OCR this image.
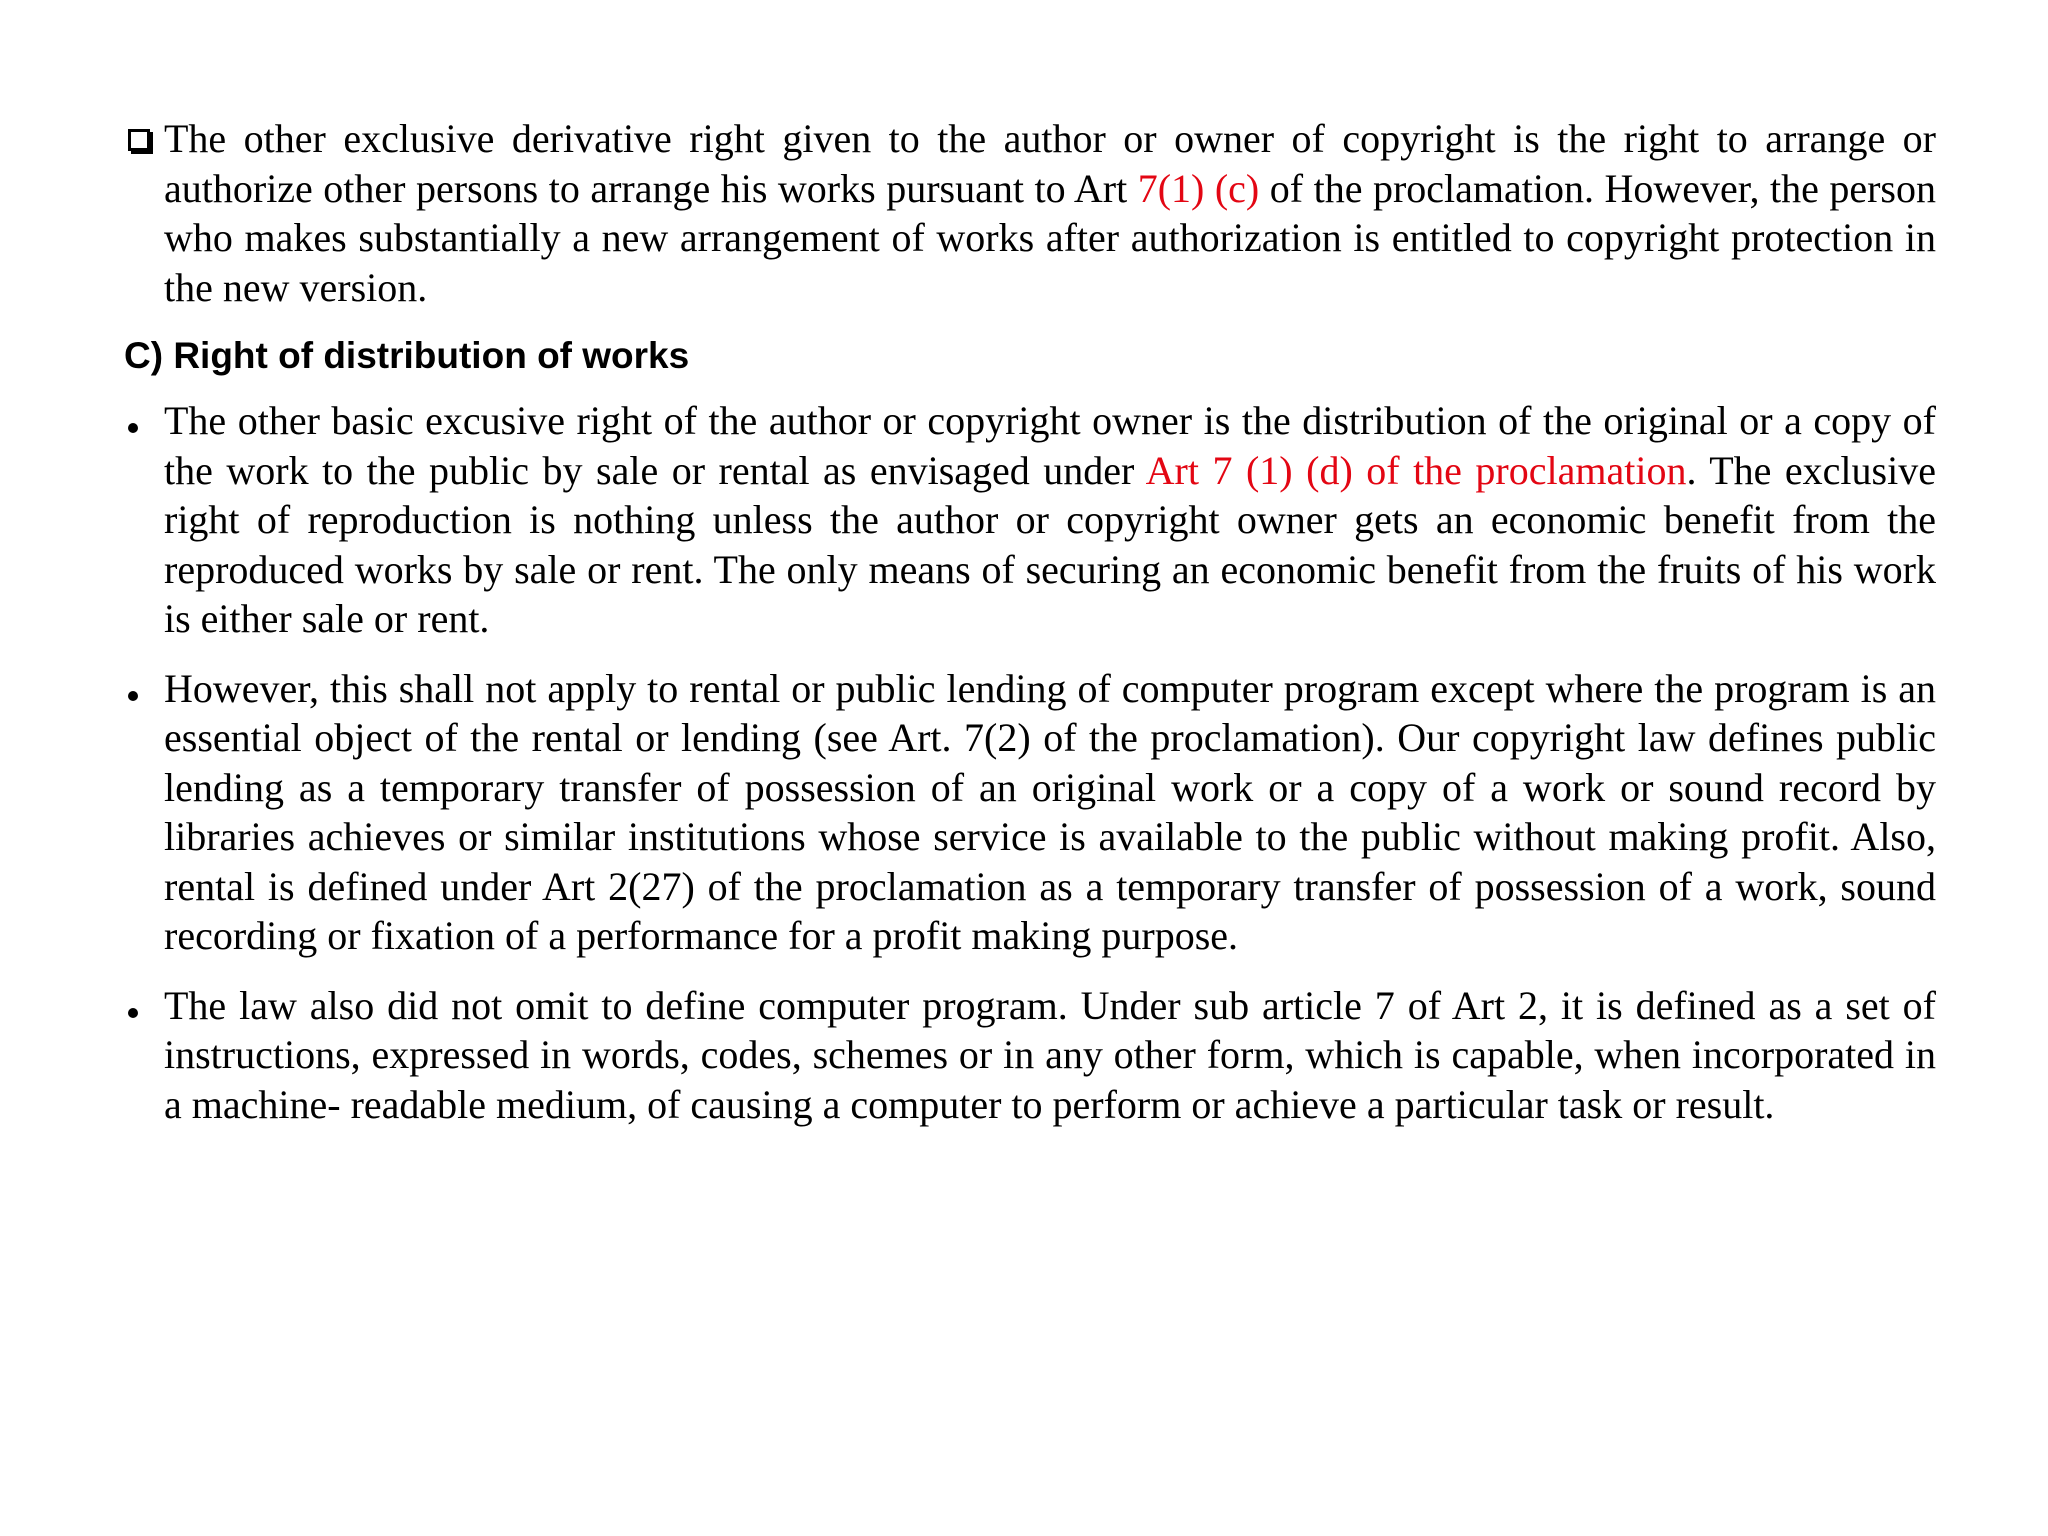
The other exclusive derivative right given to the author or owner of copyright is the right to arrange or authorize other persons to arrange his works pursuant to Art 7(1) (c) of the proclamation. However, the person who makes substantially a new arrangement of works after authorization is entitled to copyright protection in the new version.
C) Right of distribution of works
The other basic excusive right of the author or copyright owner is the distribution of the original or a copy of the work to the public by sale or rental as envisaged under Art 7 (1) (d) of the proclamation. The exclusive right of reproduction is nothing unless the author or copyright owner gets an economic benefit from the reproduced works by sale or rent. The only means of securing an economic benefit from the fruits of his work is either sale or rent.
However, this shall not apply to rental or public lending of computer program except where the program is an essential object of the rental or lending (see Art. 7(2) of the proclamation). Our copyright law defines public lending as a temporary transfer of possession of an original work or a copy of a work or sound record by libraries achieves or similar institutions whose service is available to the public without making profit. Also, rental is defined under Art 2(27) of the proclamation as a temporary transfer of possession of a work, sound recording or fixation of a performance for a profit making purpose.
The law also did not omit to define computer program. Under sub article 7 of Art 2, it is defined as a set of instructions, expressed in words, codes, schemes or in any other form, which is capable, when incorporated in a machine- readable medium, of causing a computer to perform or achieve a particular task or result.
